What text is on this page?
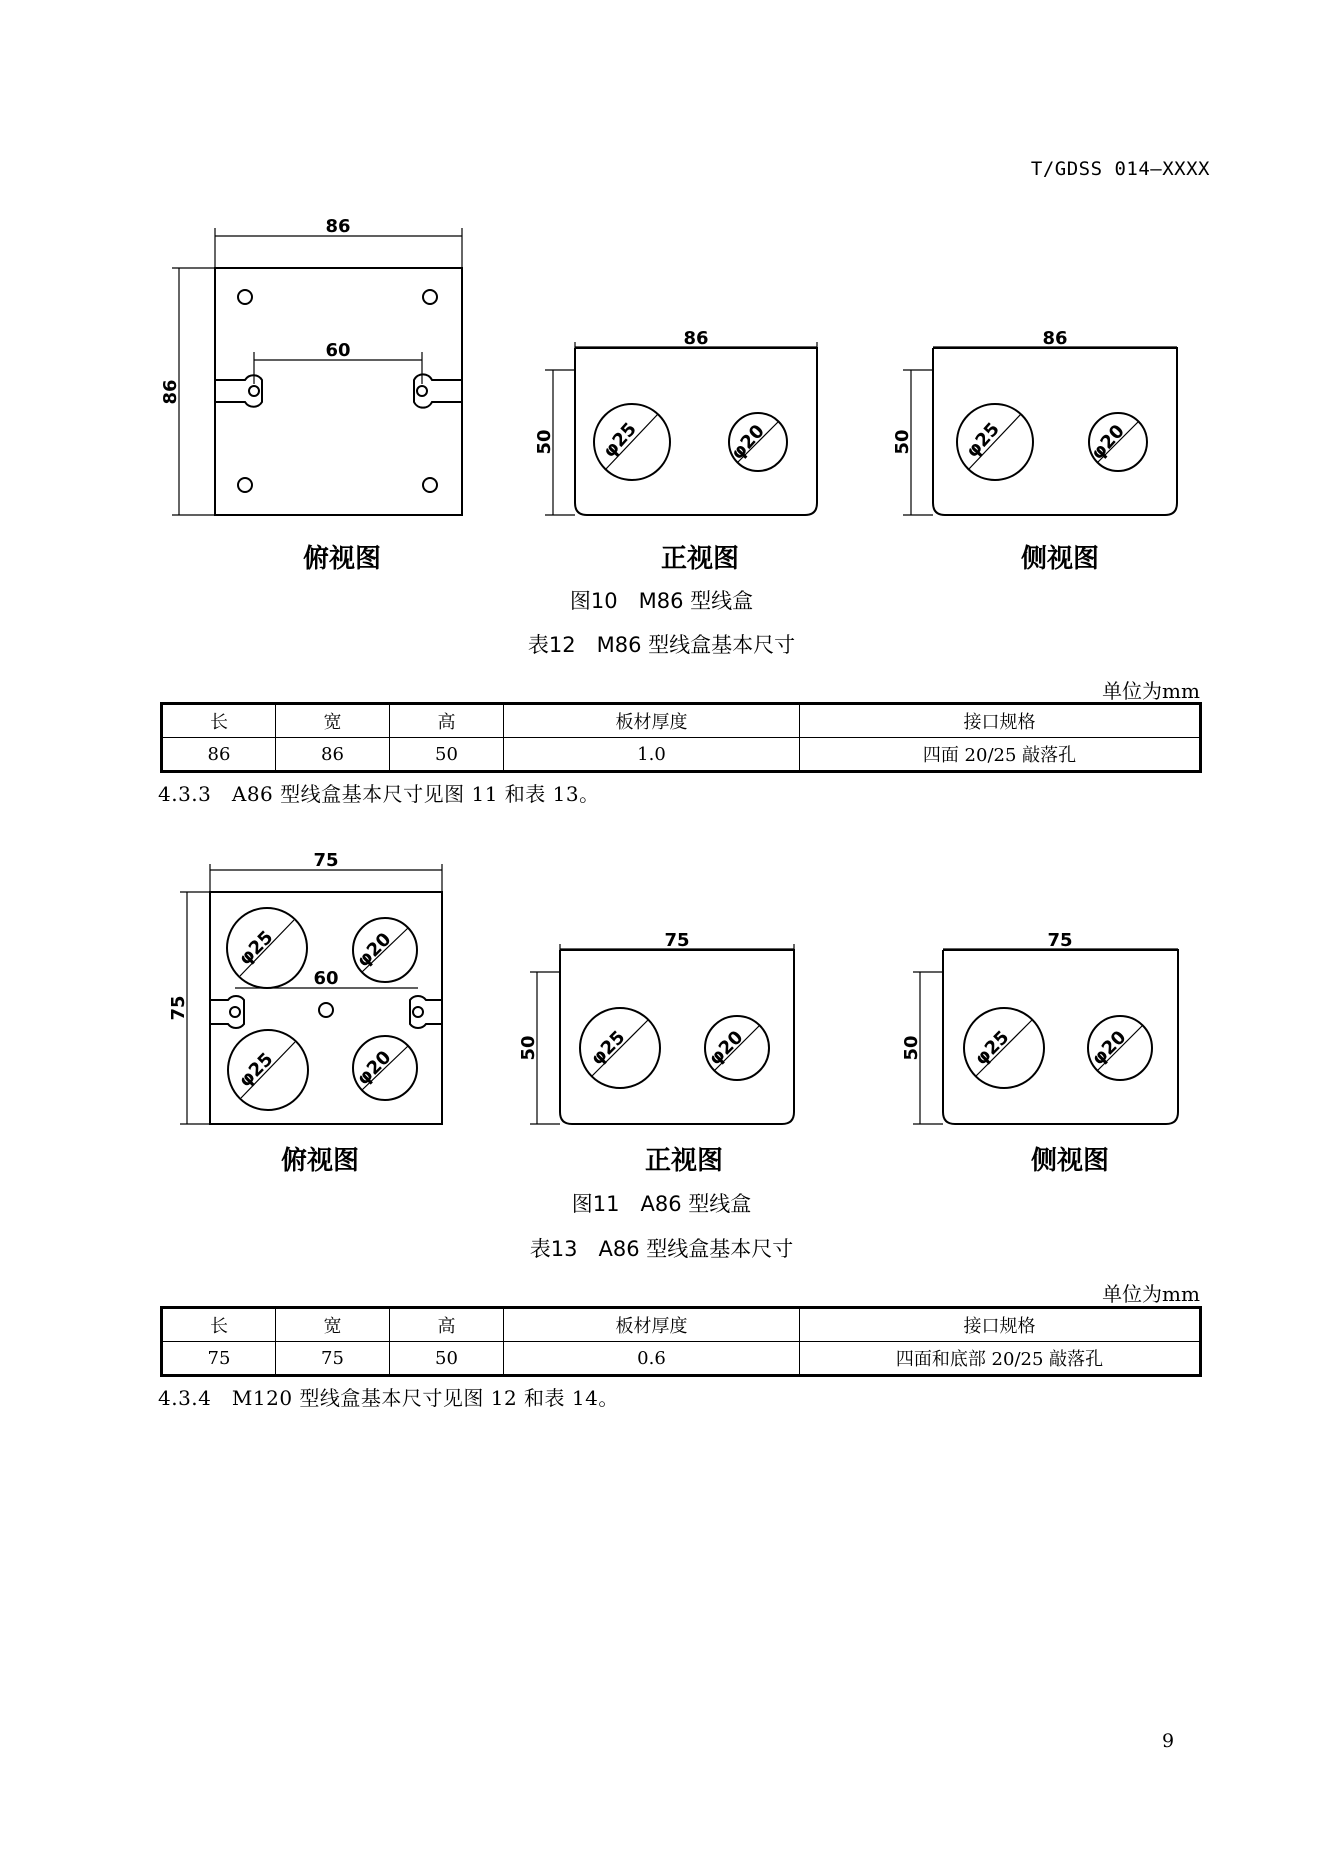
T/GDSS 014—XXXX
86
86
60
86
50 φ25	φ20
86
50	φ25	φ20
俯视图	正视图	侧视图
图10　M86 型线盒
表12　M86 型线盒基本尺寸
单位为mm
长	宽	高	板材厚度	接口规格
86	86	50	1.0	四面 20/25 敲落孔
4.3.3　A86 型线盒基本尺寸见图 11 和表 13。
75
75
60
φ25	φ20
φ25	φ20
75
50	φ25	φ20
75
50	φ25	φ20
俯视图	正视图	侧视图
图11　A86 型线盒
表13　A86 型线盒基本尺寸
单位为mm
长	宽	高	板材厚度	接口规格
75	75	50	0.6	四面和底部 20/25 敲落孔
4.3.4　M120 型线盒基本尺寸见图 12 和表 14。
9
